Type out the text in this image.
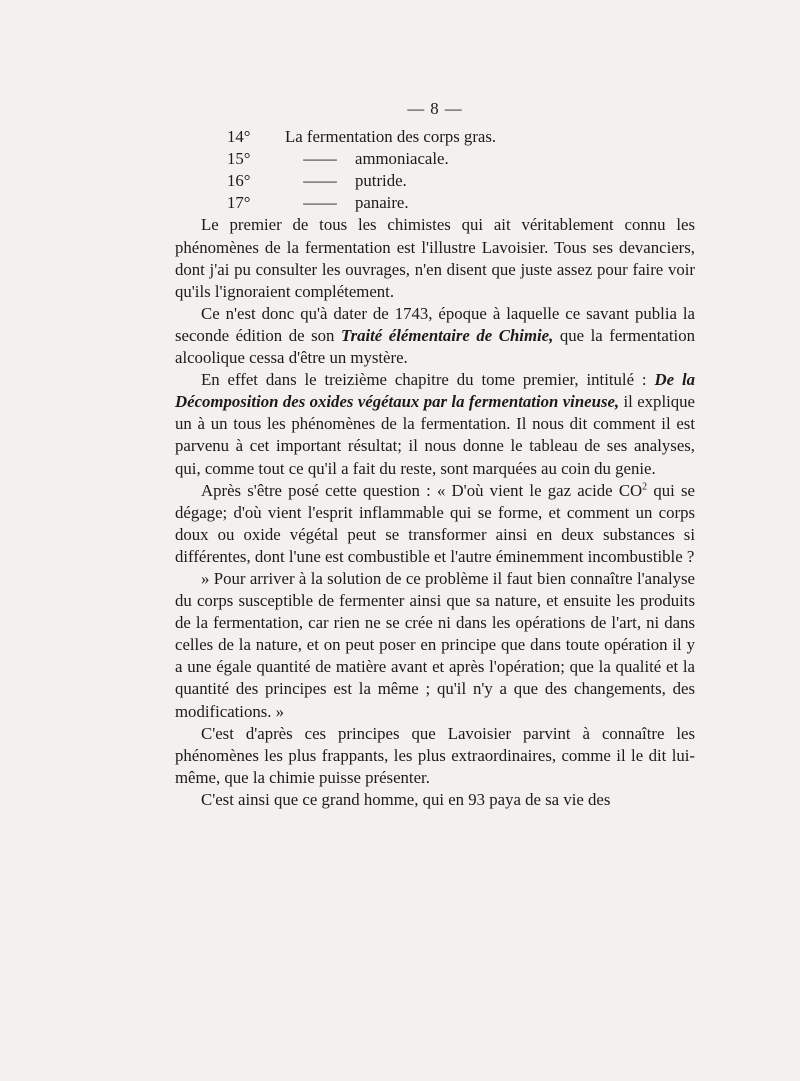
— 8 —
14°	La fermentation des corps gras.
15°	——	ammoniacale.
16°	——	putride.
17°	——	panaire.

Le premier de tous les chimistes qui ait véritablement connu les phénomènes de la fermentation est l'illustre Lavoisier. Tous ses devanciers, dont j'ai pu consulter les ouvrages, n'en disent que juste assez pour faire voir qu'ils l'ignoraient complétement.

Ce n'est donc qu'à dater de 1743, époque à laquelle ce savant publia la seconde édition de son Traité élémentaire de Chimie, que la fermentation alcoolique cessa d'être un mystère.

En effet dans le treizième chapitre du tome premier, intitulé : De la Décomposition des oxides végétaux par la fermentation vineuse, il explique un à un tous les phénomènes de la fermentation. Il nous dit comment il est parvenu à cet important résultat; il nous donne le tableau de ses analyses, qui, comme tout ce qu'il a fait du reste, sont marquées au coin du genie.

Après s'être posé cette question : « D'où vient le gaz acide $CO^2$ qui se dégage; d'où vient l'esprit inflammable qui se forme, et comment un corps doux ou oxide végétal peut se transformer ainsi en deux substances si différentes, dont l'une est combustible et l'autre éminemment incombustible ?

» Pour arriver à la solution de ce problème il faut bien connaître l'analyse du corps susceptible de fermenter ainsi que sa nature, et ensuite les produits de la fermentation, car rien ne se crée ni dans les opérations de l'art, ni dans celles de la nature, et on peut poser en principe que dans toute opération il y a une égale quantité de matière avant et après l'opération; que la qualité et la quantité des principes est la même ; qu'il n'y a que des changements, des modifications. »

C'est d'après ces principes que Lavoisier parvint à connaître les phénomènes les plus frappants, les plus extraordinaires, comme il le dit lui-même, que la chimie puisse présenter.

C'est ainsi que ce grand homme, qui en 93 paya de sa vie des
